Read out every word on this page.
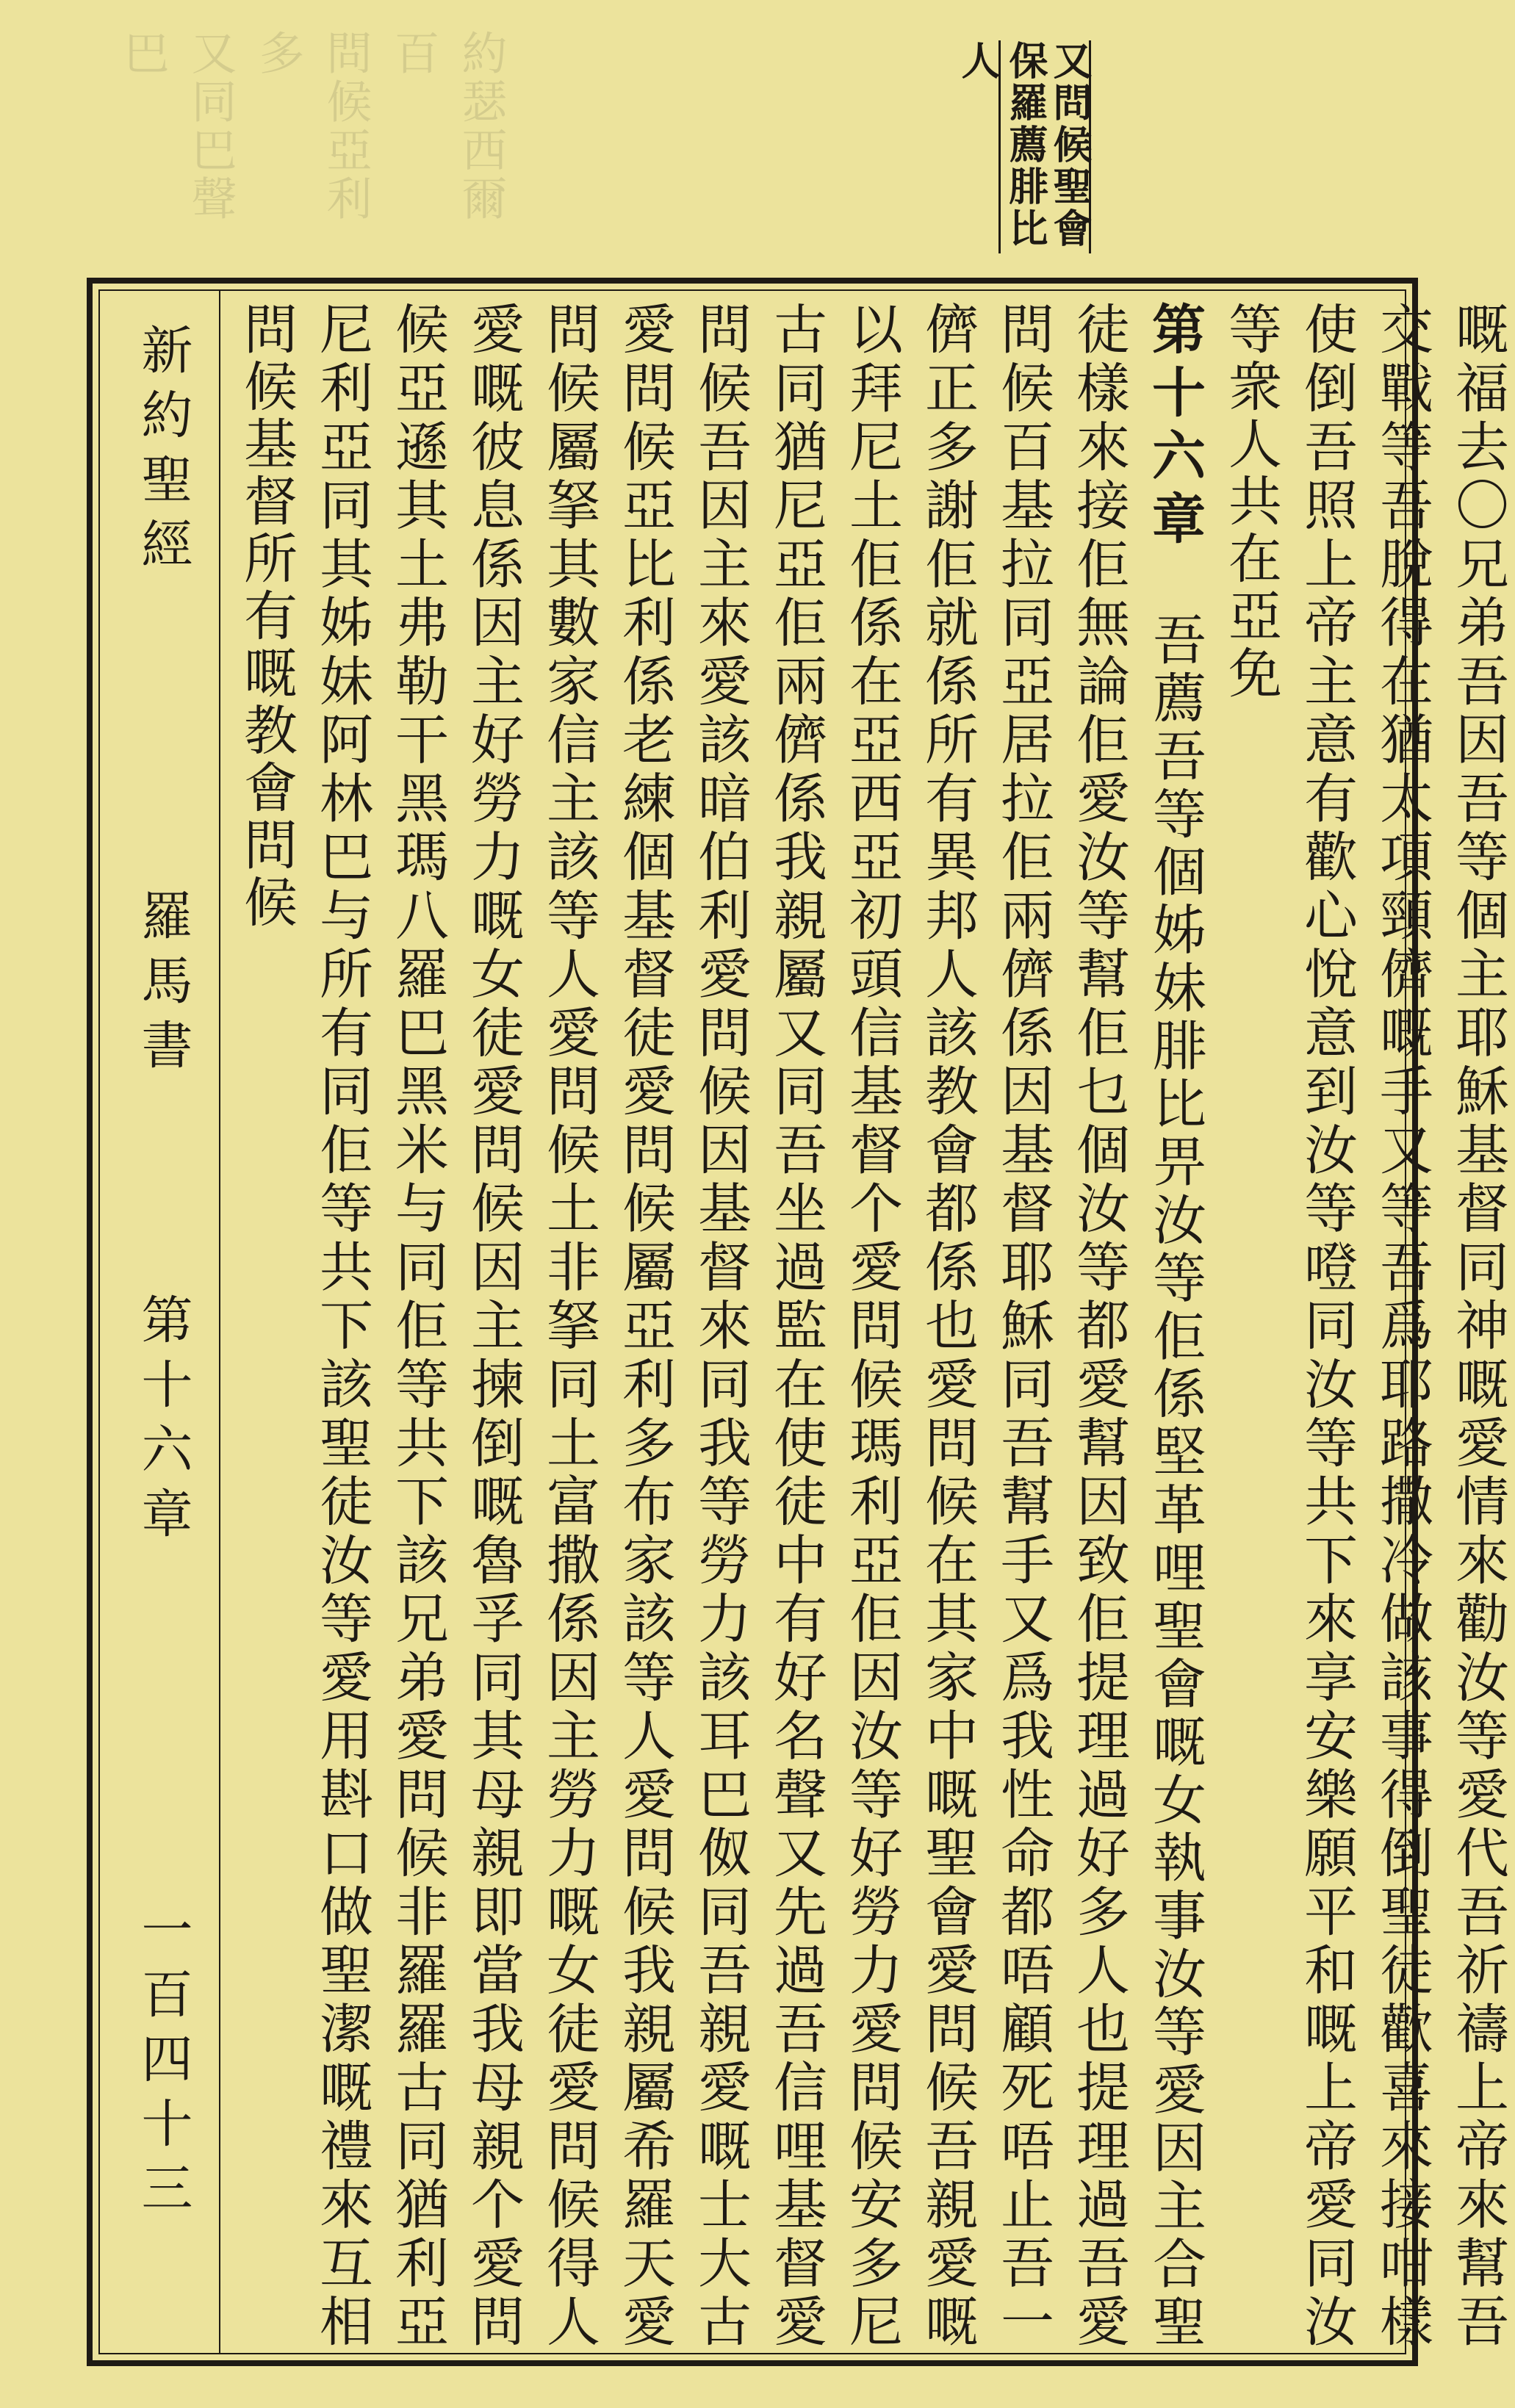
約瑟西爾百
問候亞利多
又同巴聲巴	保羅薦腓比
又問候聖會
人
新約聖經
羅馬書
第十六章
一百四十三	嘅福去〇兄弟吾因吾等個主耶穌基督同神嘅愛情來勸汝等愛代吾祈禱上帝來幫吾交戰等吾脫得在猶太項頸儕嘅手又等吾爲耶路撒冷做該事得倒聖徒歡喜來接咁樣使倒吾照上帝主意有歡心悅意到汝等噔同汝等共下來享安樂願平和嘅上帝愛同汝等衆人共在亞免
第十六章　吾薦吾等個姊妹腓比畀汝等佢係堅革哩聖會嘅女執事汝等愛因主合聖徒樣來接佢無論佢愛汝等幫佢乜個汝等都愛幫因致佢提理過好多人也提理過吾愛問候百基拉同亞居拉佢兩儕係因基督耶穌同吾幫手又爲我性命都唔顧死唔止吾一儕正多謝佢就係所有異邦人該教會都係也愛問候在其家中嘅聖會愛問候吾親愛嘅以拜尼土佢係在亞西亞初頭信基督个愛問候瑪利亞佢因汝等好勞力愛問候安多尼古同猶尼亞佢兩儕係我親屬又同吾坐過監在使徒中有好名聲又先過吾信哩基督愛問候吾因主來愛該暗伯利愛問候因基督來同我等勞力該耳巴伮同吾親愛嘅士大古愛問候亞比利係老練個基督徒愛問候屬亞利多布家該等人愛問候我親屬希羅天愛問候屬拏其數家信主該等人愛問候土非拏同土富撒係因主勞力嘅女徒愛問候得人愛嘅彼息係因主好勞力嘅女徒愛問候因主揀倒嘅魯孚同其母親即當我母親个愛問候亞遜其土弗勒干黑瑪八羅巴黑米与同佢等共下該兄弟愛問候非羅羅古同猶利亞尼利亞同其姊妹阿林巴与所有同佢等共下該聖徒汝等愛用斟口做聖潔嘅禮來互相問候基督所有嘅教會問候
